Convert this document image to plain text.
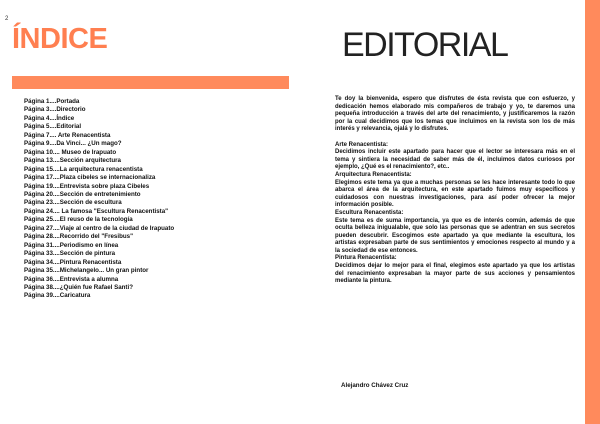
2
ÍNDICE
Página 1....Portada
Página 3....Directorio
Página 4....Índice
Página 5....Editorial
Página 7.... Arte Renacentista
Página 9....Da Vinci... ¿Un mago?
Página 10.... Museo de Irapuato
Página 13....Sección arquitectura
Página 15....La arquitectura renacentista
Página 17....Plaza cibeles se internacionaliza
Página 19....Entrevista sobre plaza Cibeles
Página 20....Sección de entretenimiento
Página 23....Sección de escultura
Página 24.... La famosa "Escultura Renacentista"
Página 25....El reuso de la tecnología
Página 27....Viaje al centro de la ciudad de Irapuato
Página 28....Recorrido del "Fresibus"
Página 31....Periodismo en línea
Página 33....Sección de pintura
Página 34....Pintura Renacentista
Página 35....Michelangelo... Un gran pintor
Página 36....Entrevista a alumna
Página 38....¿Quién fue Rafael Santi?
Página 39....Caricatura
EDITORIAL

Te doy la bienvenida, espero que disfrutes de ésta revista que con esfuerzo, y dedicación hemos elaborado mis compañeros de trabajo y yo, te daremos una pequeña introducción a través del arte del renacimiento, y justificaremos la razón por la cual decidimos que los temas que incluimos en la revista son los de más interés y relevancia, ojalá y lo disfrutes.

Arte Renacentista:

Decidimos incluir este apartado para hacer que el lector se interesara más en el tema y sintiera la necesidad de saber más de él, incluimos datos curiosos por ejemplo, ¿Qué es el renacimiento?, etc..

Arquitectura Renacentista:

Elegimos este tema ya que a muchas personas se les hace interesante todo lo que abarca el área de la arquitectura, en este apartado fuimos muy específicos y cuidadosos con nuestras investigaciones, para así poder ofrecer la mejor información posible.

Escultura Renacentista:

Este tema es de suma importancia, ya que es de interés común, además de que oculta belleza inigualable, que solo las personas que se adentran en sus secretos pueden descubrir. Escogimos este apartado ya que mediante la escultura, los artistas expresaban parte de sus sentimientos y emociones respecto al mundo y a la sociedad de ese entonces.

Pintura Renacentista:

Decidimos dejar lo mejor para el final, elegimos este apartado ya que los artistas del renacimiento expresaban la mayor parte de sus acciones y pensamientos mediante la pintura.

Alejandro Chávez Cruz
